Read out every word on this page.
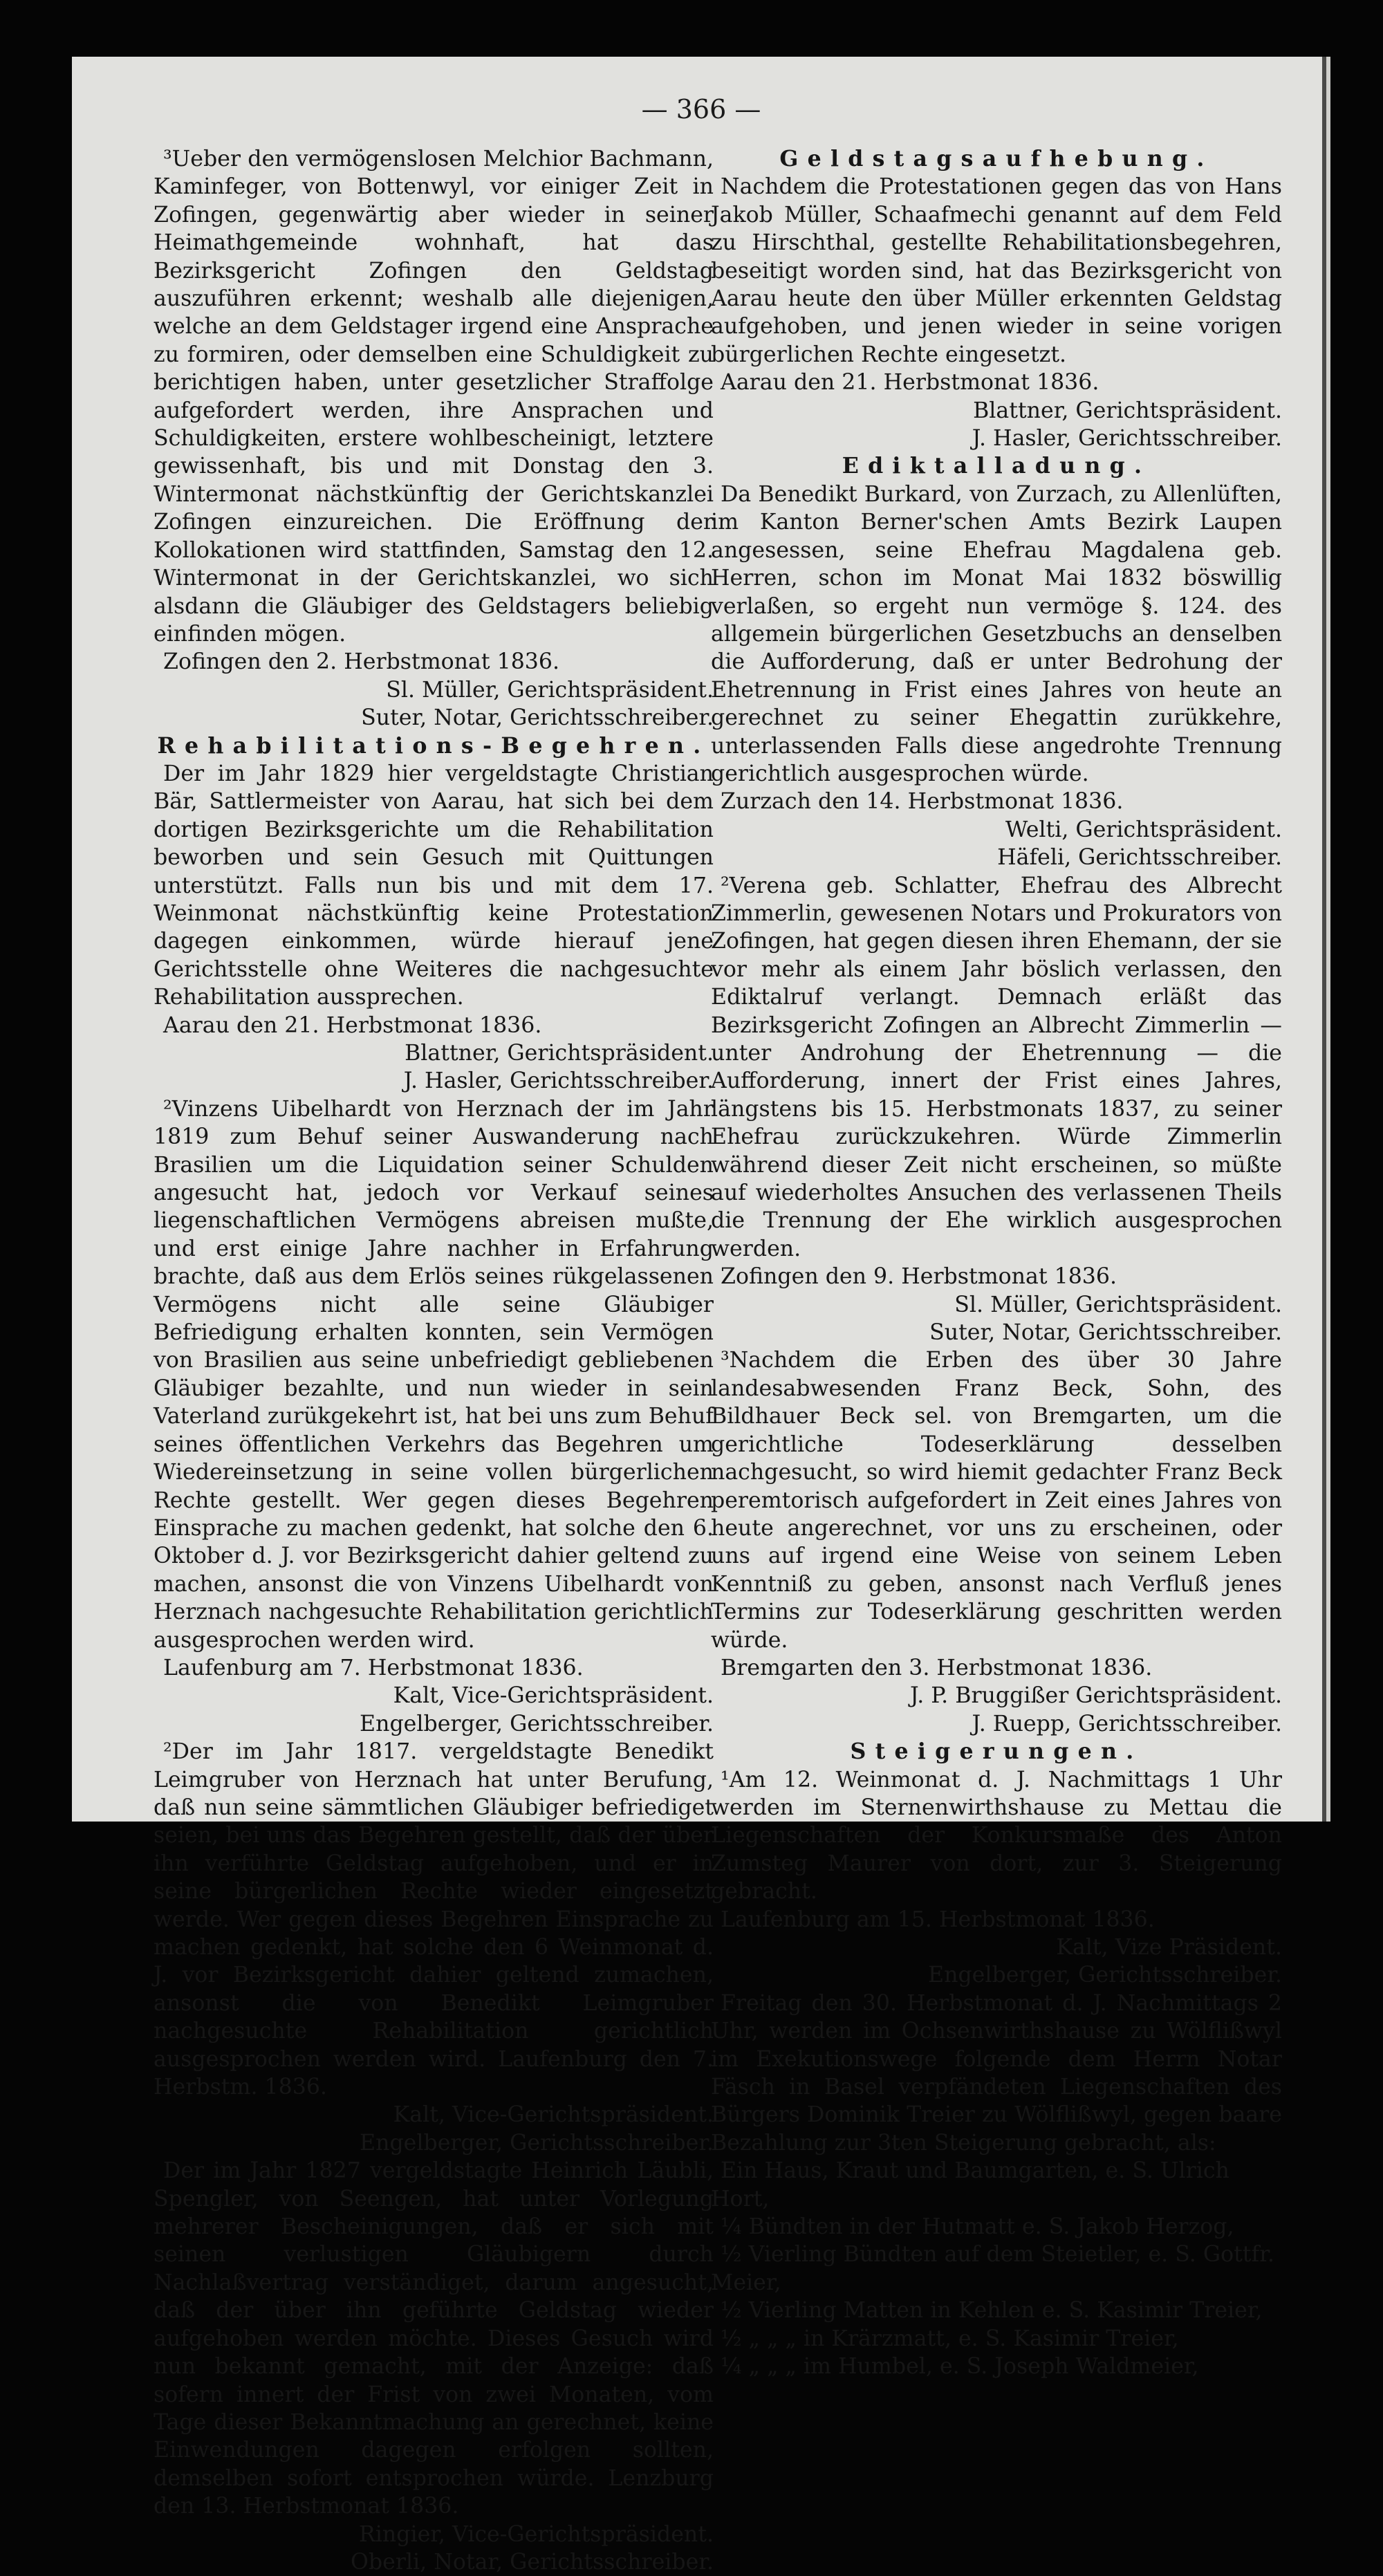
— 366 —

³Ueber den vermögenslosen Melchior Bachmann, Kaminfeger, von Bottenwyl, vor einiger Zeit in Zofingen, gegenwärtig aber wieder in seiner Heimathgemeinde wohnhaft, hat das Bezirksgericht Zofingen den Geldstag auszuführen erkennt; weshalb alle diejenigen, welche an dem Geldstager irgend eine Ansprache zu formiren, oder demselben eine Schuldigkeit zu berichtigen haben, unter gesetzlicher Straffolge aufgefordert werden, ihre Ansprachen und Schuldigkeiten, erstere wohlbescheinigt, letztere gewissenhaft, bis und mit Donstag den 3. Wintermonat nächstkünftig der Gerichtskanzlei Zofingen einzureichen. Die Eröffnung der Kollokationen wird stattfinden, Samstag den 12. Wintermonat in der Gerichtskanzlei, wo sich alsdann die Gläubiger des Geldstagers beliebig einfinden mögen.

Zofingen den 2. Herbstmonat 1836.

Sl. Müller, Gerichtspräsident.

Suter, Notar, Gerichtsschreiber.

Rehabilitations-Begehren.

Der im Jahr 1829 hier vergeldstagte Christian Bär, Sattlermeister von Aarau, hat sich bei dem dortigen Bezirksgerichte um die Rehabilitation beworben und sein Gesuch mit Quittungen unterstützt. Falls nun bis und mit dem 17. Weinmonat nächstkünftig keine Protestation dagegen einkommen, würde hierauf jene Gerichtsstelle ohne Weiteres die nachgesuchte Rehabilitation aussprechen.

Aarau den 21. Herbstmonat 1836.

Blattner, Gerichtspräsident.

J. Hasler, Gerichtsschreiber.

²Vinzens Uibelhardt von Herznach der im Jahr 1819 zum Behuf seiner Auswanderung nach Brasilien um die Liquidation seiner Schulden angesucht hat, jedoch vor Verkauf seines liegenschaftlichen Vermögens abreisen mußte, und erst einige Jahre nachher in Erfahrung brachte, daß aus dem Erlös seines rükgelassenen Vermögens nicht alle seine Gläubiger Befriedigung erhalten konnten, sein Vermögen von Brasilien aus seine unbefriedigt gebliebenen Gläubiger bezahlte, und nun wieder in sein Vaterland zurükgekehrt ist, hat bei uns zum Behuf seines öffentlichen Verkehrs das Begehren um Wiedereinsetzung in seine vollen bürgerlichen Rechte gestellt. Wer gegen dieses Begehren Einsprache zu machen gedenkt, hat solche den 6. Oktober d. J. vor Bezirksgericht dahier geltend zu machen, ansonst die von Vinzens Uibelhardt von Herznach nachgesuchte Rehabilitation gerichtlich ausgesprochen werden wird.

Laufenburg am 7. Herbstmonat 1836.

Kalt, Vice-Gerichtspräsident.

Engelberger, Gerichtsschreiber.

²Der im Jahr 1817. vergeldstagte Benedikt Leimgruber von Herznach hat unter Berufung, daß nun seine sämmtlichen Gläubiger befriediget seien, bei uns das Begehren gestellt, daß der über ihn verführte Geldstag aufgehoben, und er in seine bürgerlichen Rechte wieder eingesetzt werde. Wer gegen dieses Begehren Einsprache zu machen gedenkt, hat solche den 6 Weinmonat d. J. vor Bezirksgericht dahier geltend zumachen, ansonst die von Benedikt Leimgruber nachgesuchte Rehabilitation gerichtlich ausgesprochen werden wird. Laufenburg den 7. Herbstm. 1836.

Kalt, Vice-Gerichtspräsident.

Engelberger, Gerichtsschreiber.

Der im Jahr 1827 vergeldstagte Heinrich Läubli, Spengler, von Seengen, hat unter Vorlegung mehrerer Bescheinigungen, daß er sich mit seinen verlustigen Gläubigern durch Nachlaßvertrag verständiget, darum angesucht, daß der über ihn geführte Geldstag wieder aufgehoben werden möchte. Dieses Gesuch wird nun bekannt gemacht, mit der Anzeige: daß sofern innert der Frist von zwei Monaten, vom Tage dieser Bekanntmachung an gerechnet, keine Einwendungen dagegen erfolgen sollten, demselben sofort entsprochen würde. Lenzburg den 13. Herbstmonat 1836.

Ringier, Vice-Gerichtspräsident.

Oberli, Notar, Gerichtsschreiber.

Geldstagsaufhebung.

Nachdem die Protestationen gegen das von Hans Jakob Müller, Schaafmechi genannt auf dem Feld zu Hirschthal, gestellte Rehabilitationsbegehren, beseitigt worden sind, hat das Bezirksgericht von Aarau heute den über Müller erkennten Geldstag aufgehoben, und jenen wieder in seine vorigen bürgerlichen Rechte eingesetzt.

Aarau den 21. Herbstmonat 1836.

Blattner, Gerichtspräsident.

J. Hasler, Gerichtsschreiber.

Ediktalladung.

Da Benedikt Burkard, von Zurzach, zu Allenlüften, im Kanton Berner'schen Amts Bezirk Laupen angesessen, seine Ehefrau Magdalena geb. Herren, schon im Monat Mai 1832 böswillig verlaßen, so ergeht nun vermöge §. 124. des allgemein bürgerlichen Gesetzbuchs an denselben die Aufforderung, daß er unter Bedrohung der Ehetrennung in Frist eines Jahres von heute an gerechnet zu seiner Ehegattin zurükkehre, unterlassenden Falls diese angedrohte Trennung gerichtlich ausgesprochen würde.

Zurzach den 14. Herbstmonat 1836.

Welti, Gerichtspräsident.

Häfeli, Gerichtsschreiber.

²Verena geb. Schlatter, Ehefrau des Albrecht Zimmerlin, gewesenen Notars und Prokurators von Zofingen, hat gegen diesen ihren Ehemann, der sie vor mehr als einem Jahr böslich verlassen, den Ediktalruf verlangt. Demnach erläßt das Bezirksgericht Zofingen an Albrecht Zimmerlin — unter Androhung der Ehetrennung — die Aufforderung, innert der Frist eines Jahres, längstens bis 15. Herbstmonats 1837, zu seiner Ehefrau zurückzukehren. Würde Zimmerlin während dieser Zeit nicht erscheinen, so müßte auf wiederholtes Ansuchen des verlassenen Theils die Trennung der Ehe wirklich ausgesprochen werden.

Zofingen den 9. Herbstmonat 1836.

Sl. Müller, Gerichtspräsident.

Suter, Notar, Gerichtsschreiber.

³Nachdem die Erben des über 30 Jahre landesabwesenden Franz Beck, Sohn, des Bildhauer Beck sel. von Bremgarten, um die gerichtliche Todeserklärung desselben nachgesucht, so wird hiemit gedachter Franz Beck peremtorisch aufgefordert in Zeit eines Jahres von heute angerechnet, vor uns zu erscheinen, oder uns auf irgend eine Weise von seinem Leben Kenntniß zu geben, ansonst nach Verfluß jenes Termins zur Todeserklärung geschritten werden würde.

Bremgarten den 3. Herbstmonat 1836.

J. P. Bruggißer Gerichtspräsident.

J. Ruepp, Gerichtsschreiber.

Steigerungen.

¹Am 12. Weinmonat d. J. Nachmittags 1 Uhr werden im Sternenwirthshause zu Mettau die Liegenschaften der Konkursmaße des Anton Zumsteg Maurer von dort, zur 3. Steigerung gebracht.

Laufenburg am 15. Herbstmonat 1836.

Kalt, Vize Präsident.

Engelberger, Gerichtsschreiber.

Freitag den 30. Herbstmonat d. J. Nachmittags 2 Uhr, werden im Ochsenwirthshause zu Wölflißwyl im Exekutionswege folgende dem Herrn Notar Fäsch in Basel verpfändeten Liegenschaften des Bürgers Dominik Treier zu Wölflißwyl, gegen baare Bezahlung zur 3ten Steigerung gebracht, als:

Ein Haus, Kraut und Baumgarten, e. S. Ulrich Hort,

¼ Bündten in der Hutmatt e. S. Jakob Herzog,

½ Vierling Bündten auf dem Steietler, e. S. Gottfr. Meier,

½ Vierling Matten in Kehlen e. S. Kasimir Treier,

½ „ „ „ in Krärzmatt, e. S. Kasimir Treier,

¼ „ „ „ im Humbel, e. S. Joseph Waldmeier,
